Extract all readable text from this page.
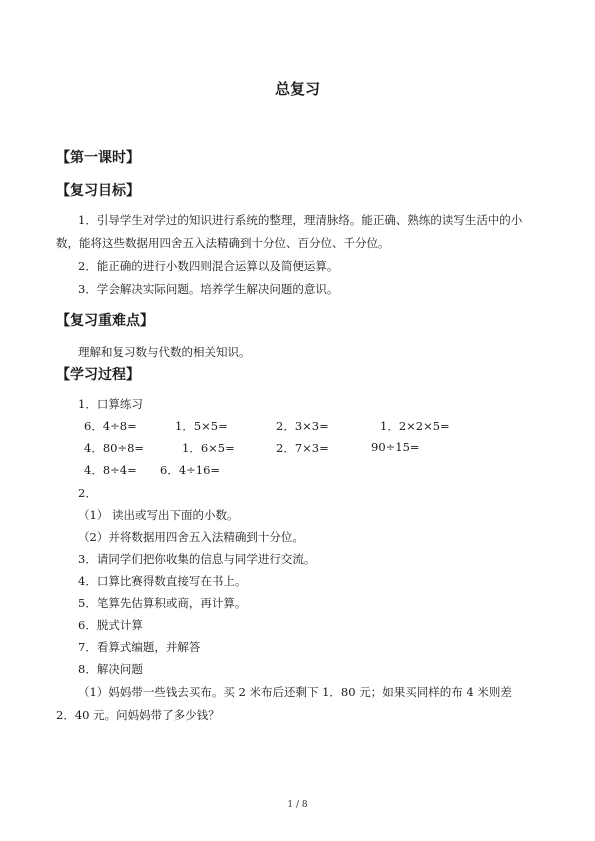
总复习
【第一课时】
【复习目标】
1．引导学生对学过的知识进行系统的整理，理清脉络。能正确、熟练的读写生活中的小
数，能将这些数据用四舍五入法精确到十分位、百分位、千分位。
2．能正确的进行小数四则混合运算以及简便运算。
3．学会解决实际问题。培养学生解决问题的意识。
【复习重难点】
理解和复习数与代数的相关知识。
【学习过程】
1．口算练习
6．4÷8=	1．5×5=	2．3×3=	1．2×2×5=
4．80÷8=	1．6×5=	2．7×3=	90÷15=
4．8÷4= 6．4÷16=
2．
（1） 读出或写出下面的小数。
（2）并将数据用四舍五入法精确到十分位。
3．请同学们把你收集的信息与同学进行交流。
4．口算比赛得数直接写在书上。
5．笔算先估算积或商，再计算。
6．脱式计算
7．看算式编题，并解答
8．解决问题
（1）妈妈带一些钱去买布。买 2 米布后还剩下 1．80 元；如果买同样的布 4 米则差
2．40 元。问妈妈带了多少钱？
1 / 8
